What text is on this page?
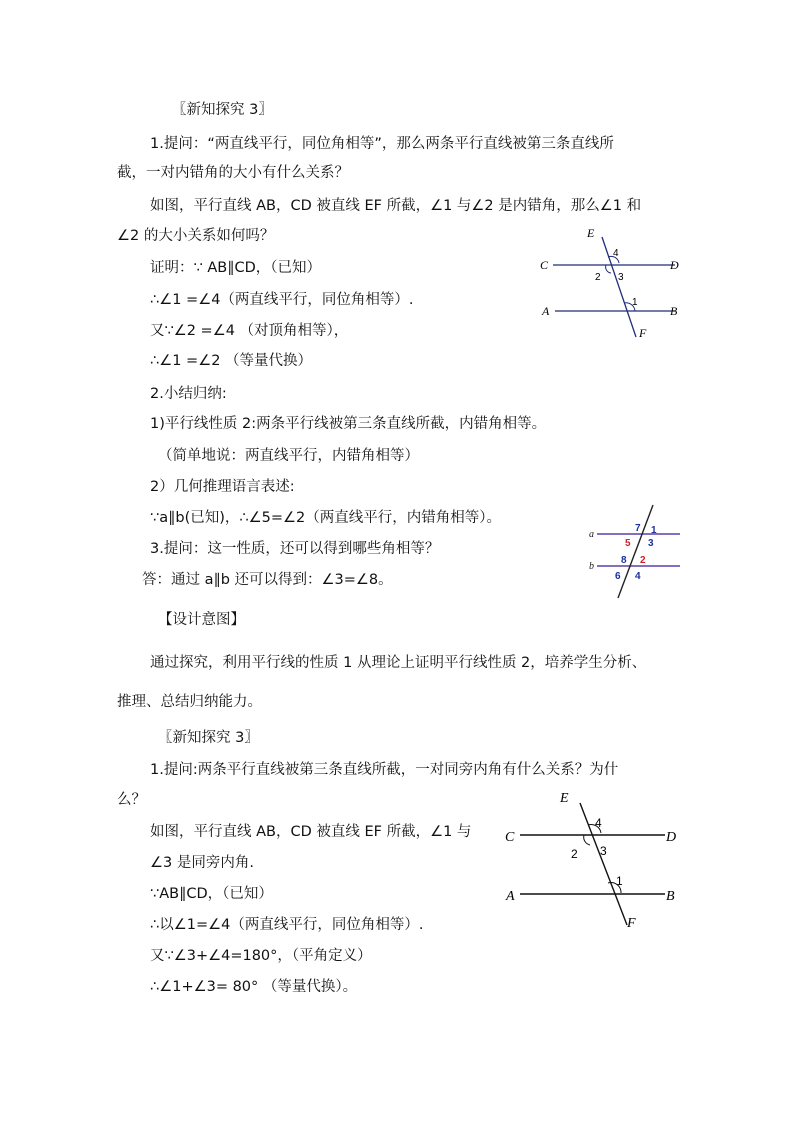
〖新知探究 3〗
1.提问：“两直线平行，同位角相等”，那么两条平行直线被第三条直线所
截，一对内错角的大小有什么关系？
如图，平行直线 AB，CD 被直线 EF 所截，∠1 与∠2 是内错角，那么∠1 和
∠2 的大小关系如何吗？
证明：∵ AB∥CD，（已知）
∴∠1 =∠4（两直线平行，同位角相等）.
又∵∠2 =∠4 （对顶角相等），
∴∠1 =∠2 （等量代换）
2.小结归纳:
1)平行线性质 2:两条平行线被第三条直线所截，内错角相等。
（简单地说：两直线平行，内错角相等）
2）几何推理语言表述:
∵a∥b(已知)，∴∠5=∠2（两直线平行，内错角相等）。
3.提问：这一性质，还可以得到哪些角相等？
答：通过 a∥b 还可以得到：∠3=∠8。
【设计意图】
通过探究，利用平行线的性质 1 从理论上证明平行线性质 2，培养学生分析、
推理、总结归纳能力。
〖新知探究 3〗
1.提问:两条平行直线被第三条直线所截，一对同旁内角有什么关系？为什
么？
如图，平行直线 AB，CD 被直线 EF 所截，∠1 与
∠3 是同旁内角.
∵AB∥CD，（已知）
∴以∠1=∠4（两直线平行，同位角相等）.
又∵∠3+∠4=180°，（平角定义）
∴∠1+∠3= 80° （等量代换）。
E
C	D
A	B
F
4
2 3
1
a
b
7 1
5 3
8 2
6 4
E
C	D
A	B
F
4
2 3
1
